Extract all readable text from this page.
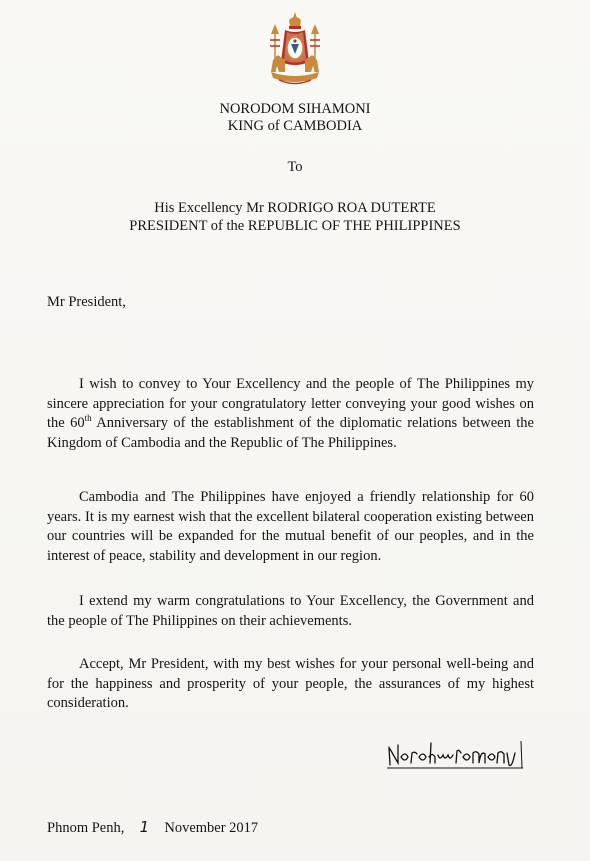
NORODOM SIHAMONI
KING of CAMBODIA
To
His Excellency Mr RODRIGO ROA DUTERTE
PRESIDENT of the REPUBLIC OF THE PHILIPPINES
Mr President,

I wish to convey to Your Excellency and the people of The Philippines my sincere appreciation for your congratulatory letter conveying your good wishes on the 60th Anniversary of the establishment of the diplomatic relations between the Kingdom of Cambodia and the Republic of The Philippines.

Cambodia and The Philippines have enjoyed a friendly relationship for 60 years. It is my earnest wish that the excellent bilateral cooperation existing between our countries will be expanded for the mutual benefit of our peoples, and in the interest of peace, stability and development in our region.

I extend my warm congratulations to Your Excellency, the Government and the people of The Philippines on their achievements.

Accept, Mr President, with my best wishes for your personal well-being and for the happiness and prosperity of your people, the assurances of my highest consideration.

Phnom Penh, 1 November 2017
